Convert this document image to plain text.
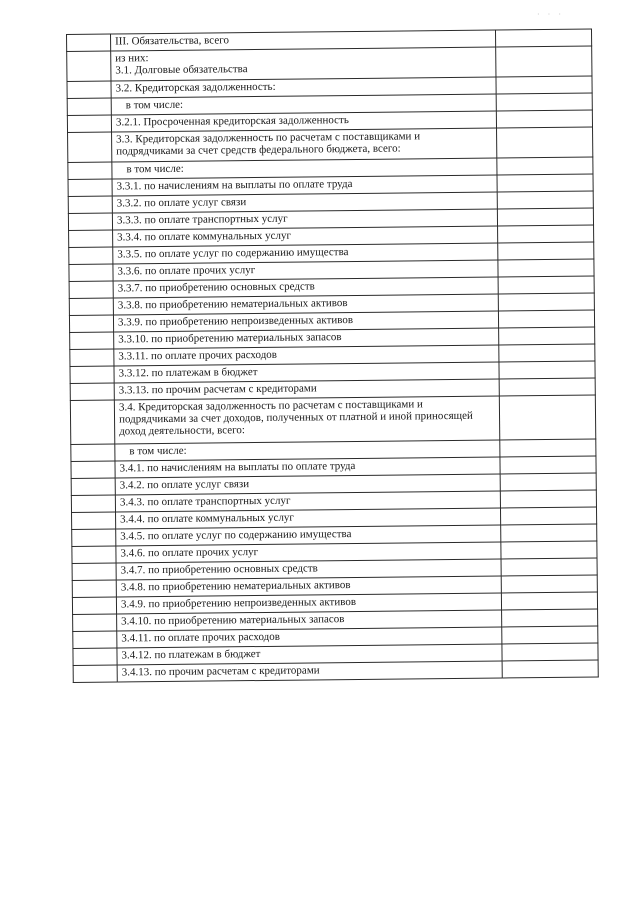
· · ·

	III. Обязательства, всего	

	из них:
3.1. Долговые обязательства	

	3.2. Кредиторская задолженность:	

	в том числе:	

	3.2.1. Просроченная кредиторская задолженность	

	3.3. Кредиторская задолженность по расчетам с поставщиками и
подрядчиками за счет средств федерального бюджета, всего:	

	в том числе:	

	3.3.1. по начислениям на выплаты по оплате труда	

	3.3.2. по оплате услуг связи	

	3.3.3. по оплате транспортных услуг	

	3.3.4. по оплате коммунальных услуг	

	3.3.5. по оплате услуг по содержанию имущества	

	3.3.6. по оплате прочих услуг	

	3.3.7. по приобретению основных средств	

	3.3.8. по приобретению нематериальных активов	

	3.3.9. по приобретению непроизведенных активов	

	3.3.10. по приобретению материальных запасов	

	3.3.11. по оплате прочих расходов	

	3.3.12. по платежам в бюджет	

	3.3.13. по прочим расчетам с кредиторами	

	3.4. Кредиторская задолженность по расчетам с поставщиками и
подрядчиками за счет доходов, полученных от платной и иной приносящей
доход деятельности, всего:	

	в том числе:	

	3.4.1. по начислениям на выплаты по оплате труда	

	3.4.2. по оплате услуг связи	

	3.4.3. по оплате транспортных услуг	

	3.4.4. по оплате коммунальных услуг	

	3.4.5. по оплате услуг по содержанию имущества	

	3.4.6. по оплате прочих услуг	

	3.4.7. по приобретению основных средств	

	3.4.8. по приобретению нематериальных активов	

	3.4.9. по приобретению непроизведенных активов	

	3.4.10. по приобретению материальных запасов	

	3.4.11. по оплате прочих расходов	

	3.4.12. по платежам в бюджет	

	3.4.13. по прочим расчетам с кредиторами	
